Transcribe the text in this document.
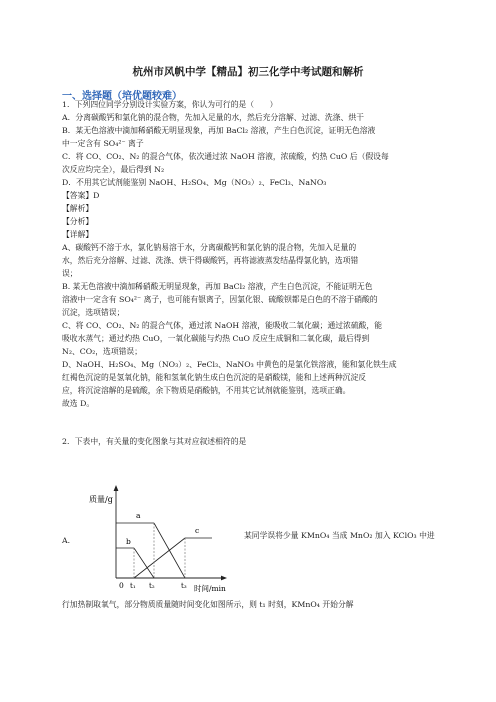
杭州市风帆中学【精品】初三化学中考试题和解析
一、选择题（培优题较难）
1．下列四位同学分别设计实验方案，你认为可行的是（　　）
A．分离碳酸钙和氯化钠的混合物，先加入足量的水，然后充分溶解、过滤、洗涤、烘干
B．某无色溶液中滴加稀硝酸无明显现象，再加 BaCl₂ 溶液，产生白色沉淀，证明无色溶液
中一定含有 SO₄²⁻ 离子
C．将 CO、CO₂、N₂ 的混合气体，依次通过浓 NaOH 溶液，浓硫酸，灼热 CuO 后（假设每
次反应均完全），最后得到 N₂
D．不用其它试剂能鉴别 NaOH、H₂SO₄、Mg（NO₃）₂、FeCl₃、NaNO₃
【答案】D
【解析】
【分析】
【详解】
A、碳酸钙不溶于水，氯化钠易溶于水，分离碳酸钙和氯化钠的混合物，先加入足量的
水，然后充分溶解、过滤、洗涤、烘干得碳酸钙，再将滤液蒸发结晶得氯化钠，选项错
误；
B. 某无色溶液中滴加稀硝酸无明显现象，再加 BaCl₂ 溶液，产生白色沉淀，不能证明无色
溶液中一定含有 SO₄²⁻ 离子，也可能有银离子，因氯化银、硫酸钡都是白色的不溶于硝酸的
沉淀，选项错误；
C、将 CO、CO₂、N₂ 的混合气体，通过浓 NaOH 溶液，能吸收二氧化碳；通过浓硫酸，能
吸收水蒸气；通过灼热 CuO，一氧化碳能与灼热 CuO 反应生成铜和二氧化碳，最后得到
N₂、CO₂，选项错误；
D、NaOH、H₂SO₄、Mg（NO₃）₂、FeCl₃、NaNO₃ 中黄色的是氯化铁溶液，能和氯化铁生成
红褐色沉淀的是氢氧化钠，能和氢氧化钠生成白色沉淀的是硝酸镁，能和上述两种沉淀反
应，将沉淀溶解的是硫酸，余下物质是硝酸钠，不用其它试剂就能鉴别，选项正确。
故选 D。
2．下表中，有关量的变化图象与其对应叙述相符的是
A．
某同学误将少量 KMnO₄ 当成 MnO₂ 加入 KClO₃ 中进
行加热制取氧气，部分物质质量随时间变化如图所示，则 t₁ 时刻，KMnO₄ 开始分解
质量/g
0	时间/min
a
b
c
t₁ t₂	t₃
